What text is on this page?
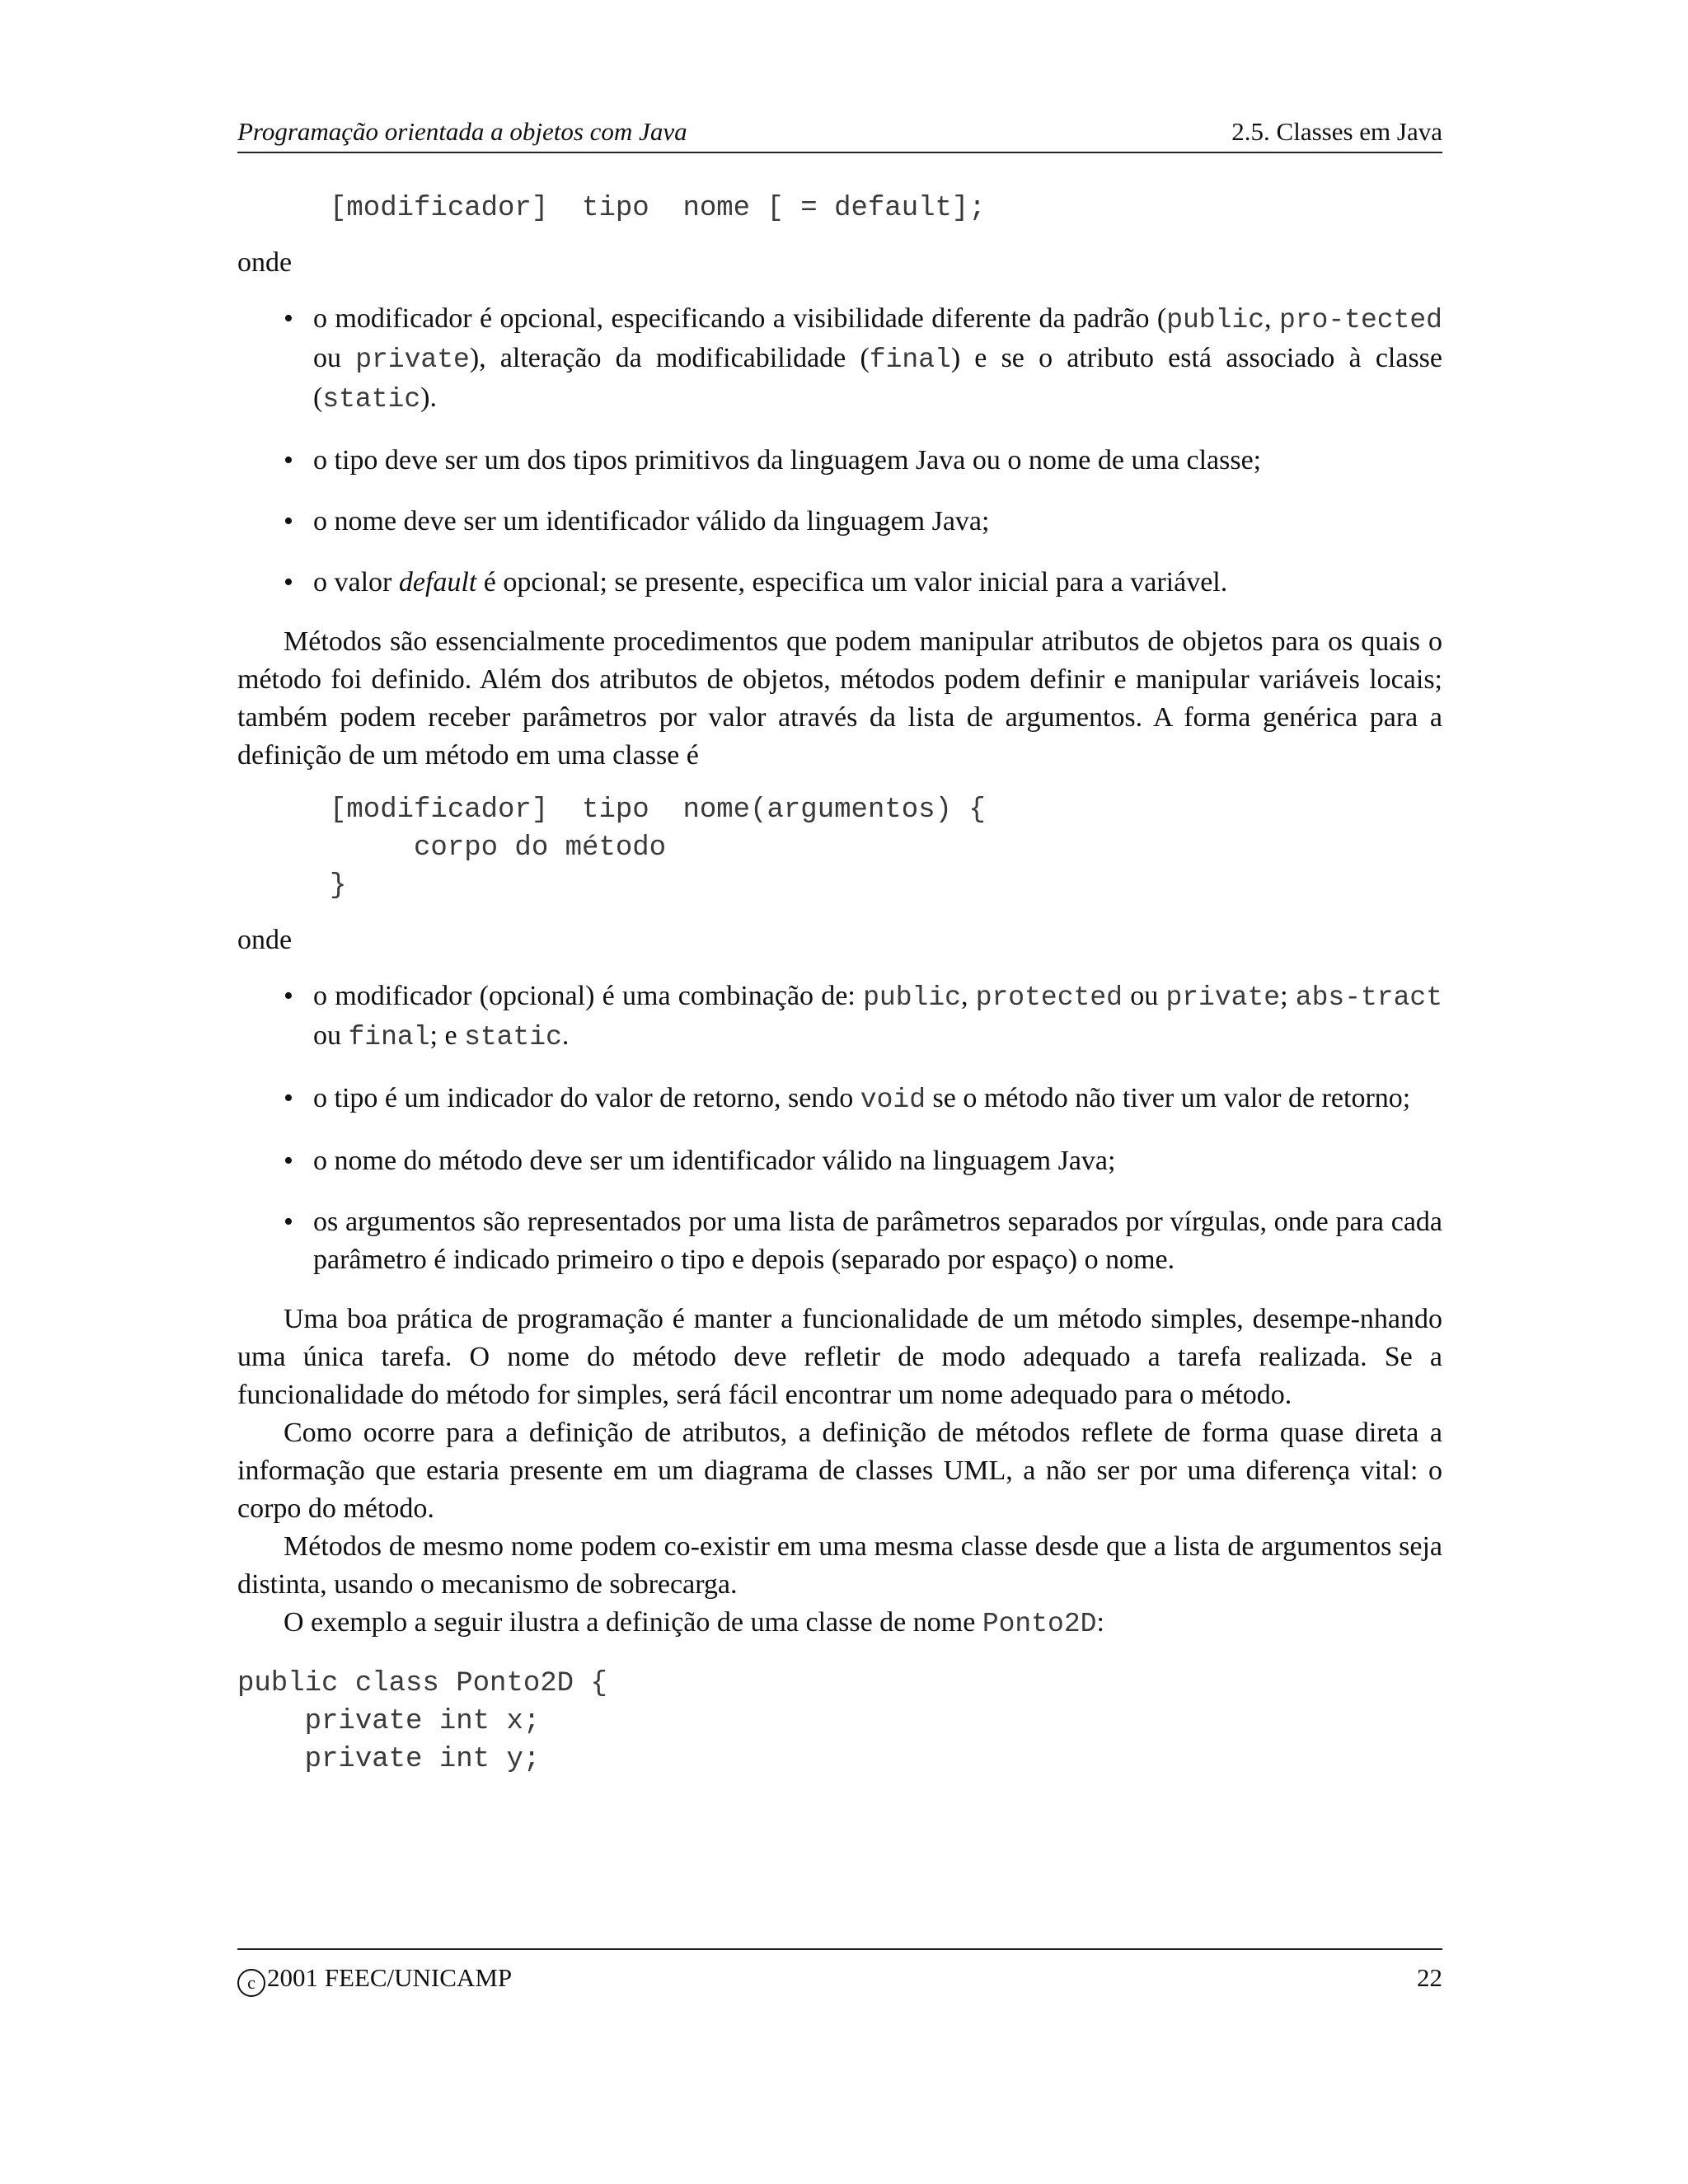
Programação orientada a objetos com Java	2.5. Classes em Java
[modificador]  tipo  nome [ = default];

onde

• o modificador é opcional, especificando a visibilidade diferente da padrão (public, pro-tected ou private), alteração da modificabilidade (final) e se o atributo está associado à classe (static).
• o tipo deve ser um dos tipos primitivos da linguagem Java ou o nome de uma classe;
• o nome deve ser um identificador válido da linguagem Java;
• o valor default é opcional; se presente, especifica um valor inicial para a variável.

Métodos são essencialmente procedimentos que podem manipular atributos de objetos para os quais o método foi definido. Além dos atributos de objetos, métodos podem definir e manipular variáveis locais; também podem receber parâmetros por valor através da lista de argumentos. A forma genérica para a definição de um método em uma classe é

[modificador]  tipo  nome(argumentos) {
corpo do método
}

onde

• o modificador (opcional) é uma combinação de: public, protected ou private; abs-tract ou final; e static.
• o tipo é um indicador do valor de retorno, sendo void se o método não tiver um valor de retorno;
• o nome do método deve ser um identificador válido na linguagem Java;
• os argumentos são representados por uma lista de parâmetros separados por vírgulas, onde para cada parâmetro é indicado primeiro o tipo e depois (separado por espaço) o nome.

Uma boa prática de programação é manter a funcionalidade de um método simples, desempe-nhando uma única tarefa. O nome do método deve refletir de modo adequado a tarefa realizada. Se a funcionalidade do método for simples, será fácil encontrar um nome adequado para o método.

Como ocorre para a definição de atributos, a definição de métodos reflete de forma quase direta a informação que estaria presente em um diagrama de classes UML, a não ser por uma diferença vital: o corpo do método.

Métodos de mesmo nome podem co-existir em uma mesma classe desde que a lista de argumentos seja distinta, usando o mecanismo de sobrecarga.

O exemplo a seguir ilustra a definição de uma classe de nome Ponto2D:

public class Ponto2D {
private int x;
private int y;
c 2001 FEEC/UNICAMP	22
